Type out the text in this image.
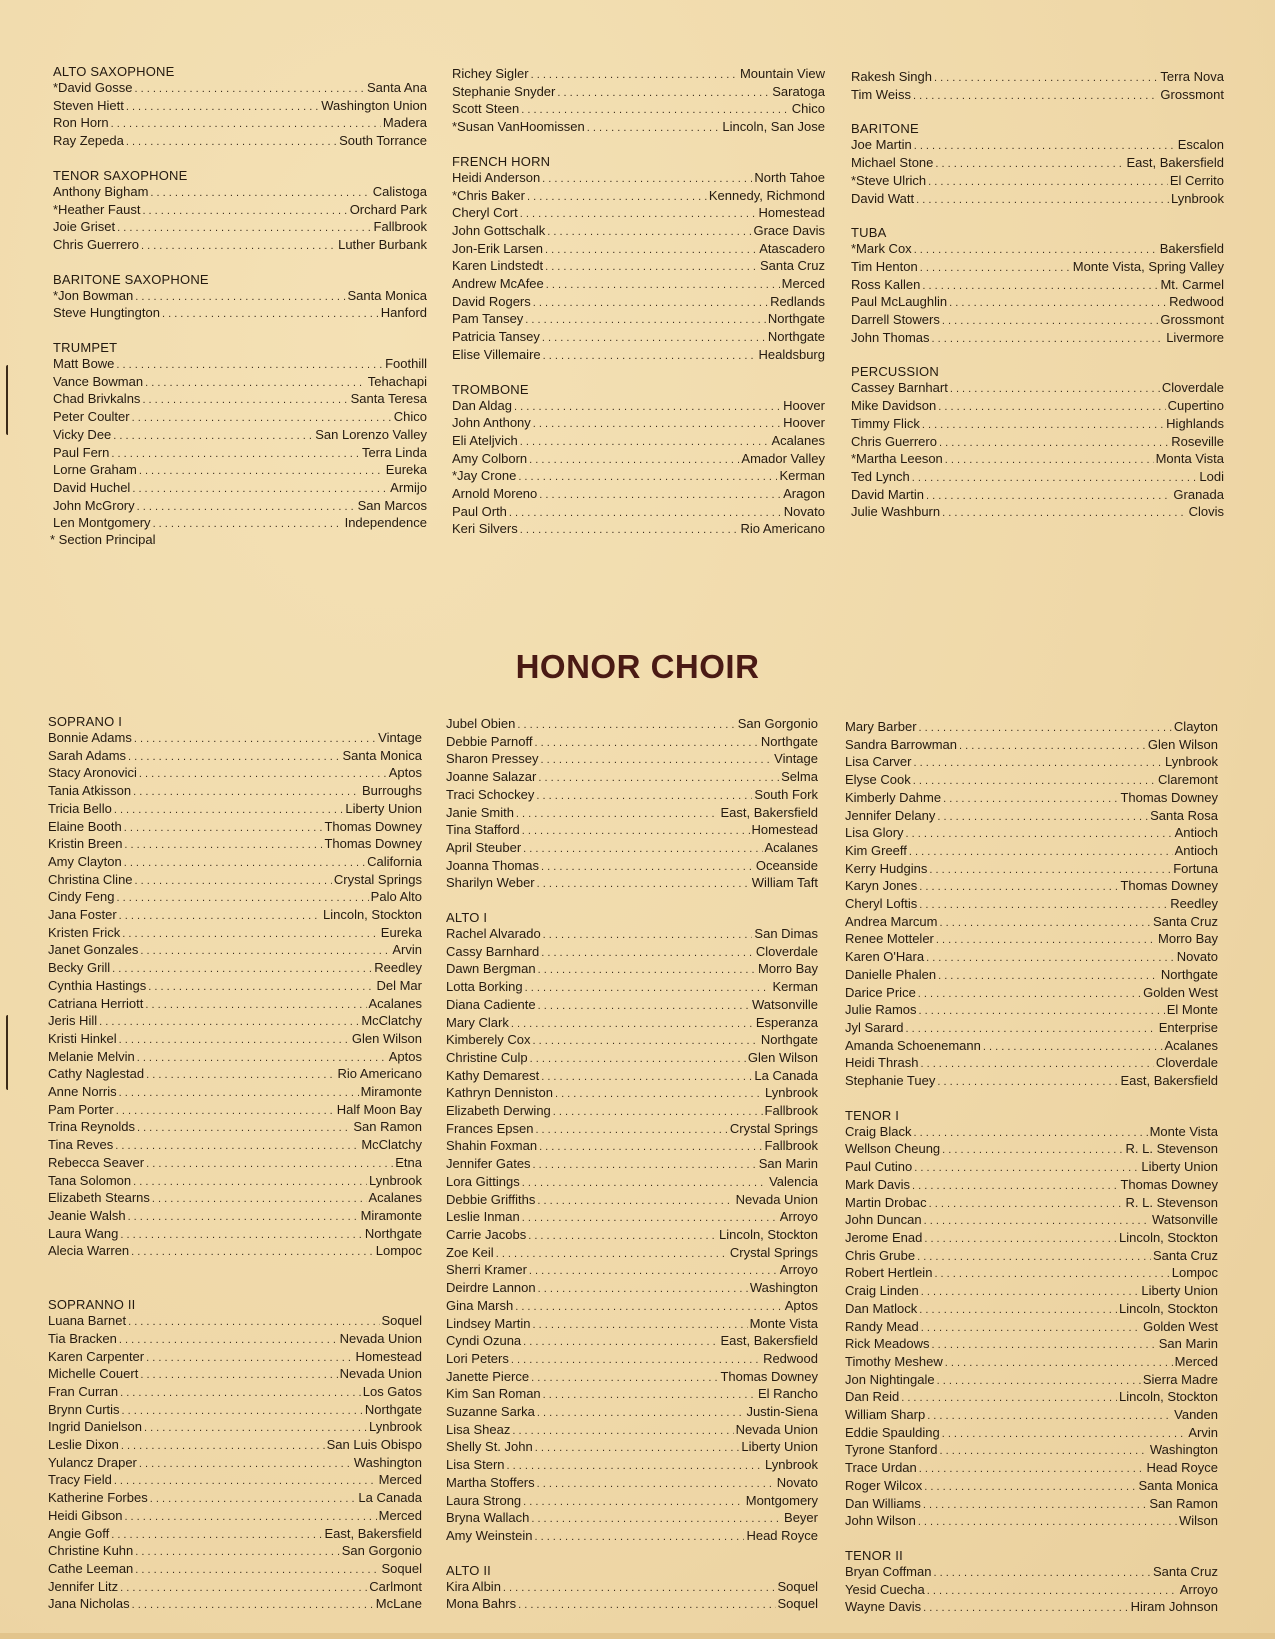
ALTO SAXOPHONE
*David Gosse . . .	Santa Ana
Steven Hiett . . .	Washington Union
Ron Horn . . .	Madera
Ray Zepeda . . .	South Torrance
TENOR SAXOPHONE
Anthony Bigham . . .	Calistoga
*Heather Faust . . .	Orchard Park
Joie Griset . . .	Fallbrook
Chris Guerrero . . .	Luther Burbank
BARITONE SAXOPHONE
*Jon Bowman . . .	Santa Monica
Steve Hungtington . . .	Hanford
TRUMPET
Matt Bowe . . .	Foothill
Vance Bowman . . .	Tehachapi
Chad Brivkalns . . .	Santa Teresa
Peter Coulter . . .	Chico
Vicky Dee . . .	San Lorenzo Valley
Paul Fern . . .	Terra Linda
Lorne Graham . . .	Eureka
David Huchel . . .	Armijo
John McGrory . . .	San Marcos
Len Montgomery . . .	Independence
Richey Sigler . . .	Mountain View
Stephanie Snyder . . .	Saratoga
Scott Steen . . .	Chico
*Susan VanHoomissen . . .	Lincoln, San Jose
FRENCH HORN
Heidi Anderson . . .	North Tahoe
*Chris Baker . . .	Kennedy, Richmond
Cheryl Cort . . .	Homestead
John Gottschalk . . .	Grace Davis
Jon-Erik Larsen . . .	Atascadero
Karen Lindstedt . . .	Santa Cruz
Andrew McAfee . . .	Merced
David Rogers . . .	Redlands
Pam Tansey . . .	Northgate
Patricia Tansey . . .	Northgate
Elise Villemaire . . .	Healdsburg
TROMBONE
Dan Aldag . . .	Hoover
John Anthony . . .	Hoover
Eli Ateljvich . . .	Acalanes
Amy Colborn . . .	Amador Valley
*Jay Crone . . .	Kerman
Arnold Moreno . . .	Aragon
Paul Orth . . .	Novato
Keri Silvers . . .	Rio Americano
Rakesh Singh . . .	Terra Nova
Tim Weiss . . .	Grossmont
BARITONE
Joe Martin . . .	Escalon
Michael Stone . . .	East, Bakersfield
*Steve Ulrich . . .	El Cerrito
David Watt . . .	Lynbrook
TUBA
*Mark Cox . . .	Bakersfield
Tim Henton . . .	Monte Vista, Spring Valley
Ross Kallen . . .	Mt. Carmel
Paul McLaughlin . . .	Redwood
Darrell Stowers . . .	Grossmont
John Thomas . . .	Livermore
PERCUSSION
Cassey Barnhart . . .	Cloverdale
Mike Davidson . . .	Cupertino
Timmy Flick . . .	Highlands
Chris Guerrero . . .	Roseville
*Martha Leeson . . .	Monta Vista
Ted Lynch . . .	Lodi
David Martin . . .	Granada
Julie Washburn . . .	Clovis
* Section Principal
HONOR CHOIR
SOPRANO I
Bonnie Adams . . .	Vintage
Sarah Adams . . .	Santa Monica
Stacy Aronovici . . .	Aptos
Tania Atkisson . . .	Burroughs
Tricia Bello . . .	Liberty Union
Elaine Booth . . .	Thomas Downey
Kristin Breen . . .	Thomas Downey
Amy Clayton . . .	California
Christina Cline . . .	Crystal Springs
Cindy Feng . . .	Palo Alto
Jana Foster . . .	Lincoln, Stockton
Kristen Frick . . .	Eureka
Janet Gonzales . . .	Arvin
Becky Grill . . .	Reedley
Cynthia Hastings . . .	Del Mar
Catriana Herriott . . .	Acalanes
Jeris Hill . . .	McClatchy
Kristi Hinkel . . .	Glen Wilson
Melanie Melvin . . .	Aptos
Cathy Naglestad . . .	Rio Americano
Anne Norris . . .	Miramonte
Pam Porter . . .	Half Moon Bay
Trina Reynolds . . .	San Ramon
Tina Reves . . .	McClatchy
Rebecca Seaver . . .	Etna
Tana Solomon . . .	Lynbrook
Elizabeth Stearns . . .	Acalanes
Jeanie Walsh . . .	Miramonte
Laura Wang . . .	Northgate
Alecia Warren . . .	Lompoc
SOPRANNO II
Luana Barnet . . .	Soquel
Tia Bracken . . .	Nevada Union
Karen Carpenter . . .	Homestead
Michelle Couert . . .	Nevada Union
Fran Curran . . .	Los Gatos
Brynn Curtis . . .	Northgate
Ingrid Danielson . . .	Lynbrook
Leslie Dixon . . .	San Luis Obispo
Yulancz Draper . . .	Washington
Tracy Field . . .	Merced
Katherine Forbes . . .	La Canada
Heidi Gibson . . .	Merced
Angie Goff . . .	East, Bakersfield
Christine Kuhn . . .	San Gorgonio
Cathe Leeman . . .	Soquel
Jennifer Litz . . .	Carlmont
Jana Nicholas . . .	McLane
Jubel Obien . . .	San Gorgonio
Debbie Parnoff . . .	Northgate
Sharon Pressey . . .	Vintage
Joanne Salazar . . .	Selma
Traci Schockey . . .	South Fork
Janie Smith . . .	East, Bakersfield
Tina Stafford . . .	Homestead
April Steuber . . .	Acalanes
Joanna Thomas . . .	Oceanside
Sharilyn Weber . . .	William Taft
ALTO I
Rachel Alvarado . . .	San Dimas
Cassy Barnhard . . .	Cloverdale
Dawn Bergman . . .	Morro Bay
Lotta Borking . . .	Kerman
Diana Cadiente . . .	Watsonville
Mary Clark . . .	Esperanza
Kimberely Cox . . .	Northgate
Christine Culp . . .	Glen Wilson
Kathy Demarest . . .	La Canada
Kathryn Denniston . . .	Lynbrook
Elizabeth Derwing . . .	Fallbrook
Frances Epsen . . .	Crystal Springs
Shahin Foxman . . .	Fallbrook
Jennifer Gates . . .	San Marin
Lora Gittings . . .	Valencia
Debbie Griffiths . . .	Nevada Union
Leslie Inman . . .	Arroyo
Carrie Jacobs . . .	Lincoln, Stockton
Zoe Keil . . .	Crystal Springs
Sherri Kramer . . .	Arroyo
Deirdre Lannon . . .	Washington
Gina Marsh . . .	Aptos
Lindsey Martin . . .	Monte Vista
Cyndi Ozuna . . .	East, Bakersfield
Lori Peters . . .	Redwood
Janette Pierce . . .	Thomas Downey
Kim San Roman . . .	El Rancho
Suzanne Sarka . . .	Justin-Siena
Lisa Sheaz . . .	Nevada Union
Shelly St. John . . .	Liberty Union
Lisa Stern . . .	Lynbrook
Martha Stoffers . . .	Novato
Laura Strong . . .	Montgomery
Bryna Wallach . . .	Beyer
Amy Weinstein . . .	Head Royce
ALTO II
Kira Albin . . .	Soquel
Mona Bahrs . . .	Soquel
Mary Barber . . .	Clayton
Sandra Barrowman . . .	Glen Wilson
Lisa Carver . . .	Lynbrook
Elyse Cook . . .	Claremont
Kimberly Dahme . . .	Thomas Downey
Jennifer Delany . . .	Santa Rosa
Lisa Glory . . .	Antioch
Kim Greeff . . .	Antioch
Kerry Hudgins . . .	Fortuna
Karyn Jones . . .	Thomas Downey
Cheryl Loftis . . .	Reedley
Andrea Marcum . . .	Santa Cruz
Renee Motteler . . .	Morro Bay
Karen O'Hara . . .	Novato
Danielle Phalen . . .	Northgate
Darice Price . . .	Golden West
Julie Ramos . . .	El Monte
Jyl Sarard . . .	Enterprise
Amanda Schoenemann . . .	Acalanes
Heidi Thrash . . .	Cloverdale
Stephanie Tuey . . .	East, Bakersfield
TENOR I
Craig Black . . .	Monte Vista
Wellson Cheung . . .	R. L. Stevenson
Paul Cutino . . .	Liberty Union
Mark Davis . . .	Thomas Downey
Martin Drobac . . .	R. L. Stevenson
John Duncan . . .	Watsonville
Jerome Enad . . .	Lincoln, Stockton
Chris Grube . . .	Santa Cruz
Robert Hertlein . . .	Lompoc
Craig Linden . . .	Liberty Union
Dan Matlock . . .	Lincoln, Stockton
Randy Mead . . .	Golden West
Rick Meadows . . .	San Marin
Timothy Meshew . . .	Merced
Jon Nightingale . . .	Sierra Madre
Dan Reid . . .	Lincoln, Stockton
William Sharp . . .	Vanden
Eddie Spaulding . . .	Arvin
Tyrone Stanford . . .	Washington
Trace Urdan . . .	Head Royce
Roger Wilcox . . .	Santa Monica
Dan Williams . . .	San Ramon
John Wilson . . .	Wilson
TENOR II
Bryan Coffman . . .	Santa Cruz
Yesid Cuecha . . .	Arroyo
Wayne Davis . . .	Hiram Johnson
